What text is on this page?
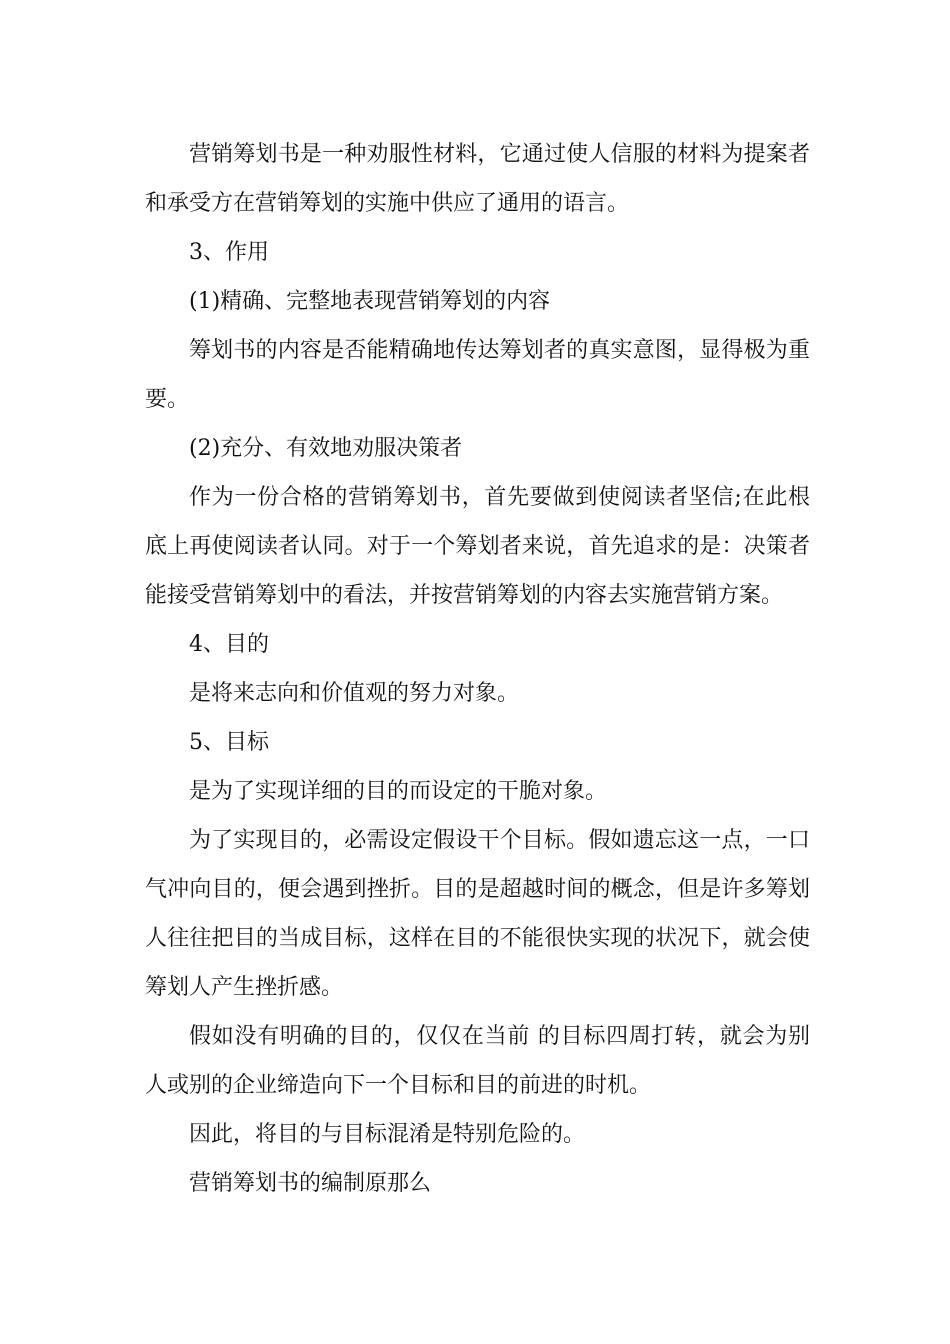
营销筹划书是一种劝服性材料，它通过使人信服的材料为提案者和承受方在营销筹划的实施中供应了通用的语言。

3、作用

(1)精确、完整地表现营销筹划的内容

筹划书的内容是否能精确地传达筹划者的真实意图，显得极为重要。

(2)充分、有效地劝服决策者

作为一份合格的营销筹划书，首先要做到使阅读者坚信;在此根底上再使阅读者认同。对于一个筹划者来说，首先追求的是：决策者能接受营销筹划中的看法，并按营销筹划的内容去实施营销方案。

4、目的

是将来志向和价值观的努力对象。

5、目标

是为了实现详细的目的而设定的干脆对象。

为了实现目的，必需设定假设干个目标。假如遗忘这一点，一口气冲向目的，便会遇到挫折。目的是超越时间的概念，但是许多筹划人往往把目的当成目标，这样在目的不能很快实现的状况下，就会使筹划人产生挫折感。

假如没有明确的目的，仅仅在当前 的目标四周打转，就会为别人或别的企业缔造向下一个目标和目的前进的时机。

因此，将目的与目标混淆是特别危险的。

营销筹划书的编制原那么
